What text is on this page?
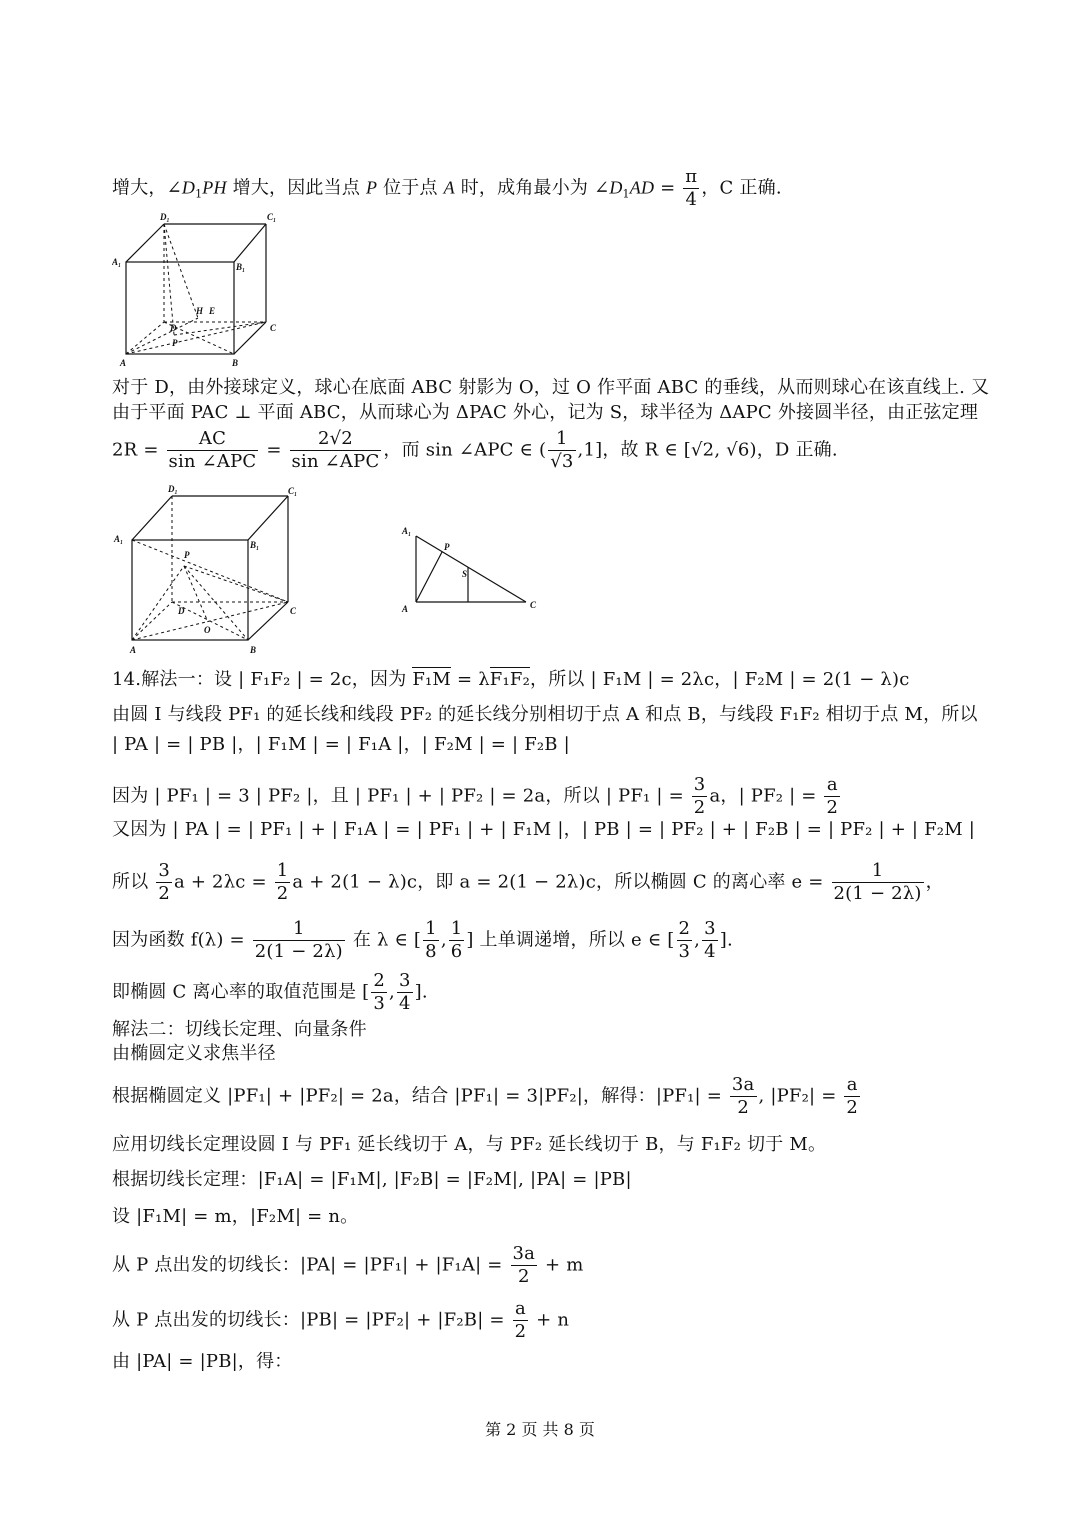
增大，$\angle D_1PH$ 增大，因此当点 P 位于点 A 时，成角最小为 $\angle D_1AD = \frac{\pi}{4}$ ，C 正确.
D₁	C₁
A₁	B₁
H E
D
P
C
A	B
对于 D，由外接球定义，球心在底面 ABC 射影为 O，过 O 作平面 ABC 的垂线，从而则球心在该直线上. 又
由于平面 PAC ⊥ 平面 ABC，从而球心为 ΔPAC 外心，记为 S，球半径为 ΔAPC 外接圆半径，由正弦定理
$2R = \frac{AC}{\text{sin ∠APC}} = \frac{2√2}{\text{sin ∠APC}}$ ，而 sin ∠APC ∈ ( $\frac{1}{√3} ,1$]，故 R ∈ [√2, √6)，D 正确.
D₁	C₁
A₁
B₁
P
D	C
O
A	B
A₁
P
S
A	C
14.解法一：设 | F₁F₂ | = 2c，因为 F₁M = λF₁F₂，所以 | F₁M | = 2λc，| F₂M | = 2(1 − λ)c
由圆 I 与线段 PF₁ 的延长线和线段 PF₂ 的延长线分别相切于点 A 和点 B，与线段 F₁F₂ 相切于点 M，所以
| PA | = | PB |，| F₁M | = | F₁A |，| F₂M | = | F₂B |
因为 | PF₁ | = 3 | PF₂ |，且 | PF₁ | + | PF₂ | = 2a，所以 | PF₁ | = $\frac{3}{2}$ a，| PF₂ | = $\frac{a}{2}$
又因为 | PA | = | PF₁ | + | F₁A | = | PF₁ | + | F₁M |，| PB | = | PF₂ | + | F₂B | = | PF₂ | + | F₂M |
所以 $\frac{3}{2}$ $a + 2\lambda c = \frac{1}{2}$ a + 2(1 − λ)c，即 a = 2(1 − 2λ)c，所以椭圆 C 的离心率 $e = \frac{1}{2(1 - 2\lambda)}$ ，
因为函数 $f(\lambda) = \frac{1}{2(1 - 2\lambda)}$ 在 λ ∈ [ $\frac{1}{8}$ , $\frac{1}{6}$ ] 上单调递增，所以 e ∈ [ $\frac{2}{3}$ , $\frac{3}{4}$ ].
即椭圆 C 离心率的取值范围是 [ $\frac{2}{3}$ , $\frac{3}{4}$ ].
解法二：切线长定理、向量条件
由椭圆定义求焦半径
根据椭圆定义 |PF₁| + |PF₂| = 2a，结合 |PF₁| = 3|PF₂|，解得：$|PF_1| = \frac{3a}{2}$ , $|PF_2| = \frac{a}{2}$
应用切线长定理设圆 I 与 PF₁ 延长线切于 A，与 PF₂ 延长线切于 B，与 F₁F₂ 切于 M。
根据切线长定理：|F₁A| = |F₁M|, |F₂B| = |F₂M|, |PA| = |PB|
设 |F₁M| = m，|F₂M| = n。
从 P 点出发的切线长：$|PA| = |PF_1| + |F_1A| = \frac{3a}{2} + m$
从 P 点出发的切线长：$|PB| = |PF_2| + |F_2B| = \frac{a}{2} + n$
由 |PA| = |PB|，得：
第 2 页 共 8 页
